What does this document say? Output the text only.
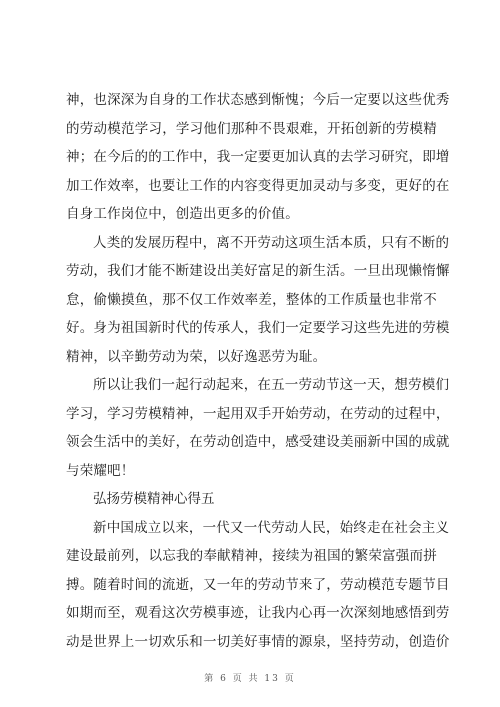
神，也深深为自身的工作状态感到惭愧；今后一定要以这些优秀
的劳动模范学习，学习他们那种不畏艰难，开拓创新的劳模精
神；在今后的的工作中，我一定要更加认真的去学习研究，即增
加工作效率，也要让工作的内容变得更加灵动与多变，更好的在
自身工作岗位中，创造出更多的价值。
人类的发展历程中，离不开劳动这项生活本质，只有不断的
劳动，我们才能不断建设出美好富足的新生活。一旦出现懒惰懈
怠，偷懒摸鱼，那不仅工作效率差，整体的工作质量也非常不
好。身为祖国新时代的传承人，我们一定要学习这些先进的劳模
精神，以辛勤劳动为荣，以好逸恶劳为耻。
所以让我们一起行动起来，在五一劳动节这一天，想劳模们
学习，学习劳模精神，一起用双手开始劳动，在劳动的过程中，
领会生活中的美好，在劳动创造中，感受建设美丽新中国的成就
与荣耀吧！
弘扬劳模精神心得五
新中国成立以来，一代又一代劳动人民，始终走在社会主义
建设最前列，以忘我的奉献精神，接续为祖国的繁荣富强而拼
搏。随着时间的流逝，又一年的劳动节来了，劳动模范专题节目
如期而至，观看这次劳模事迹，让我内心再一次深刻地感悟到劳
动是世界上一切欢乐和一切美好事情的源泉，坚持劳动，创造价
第 6 页 共 13 页
